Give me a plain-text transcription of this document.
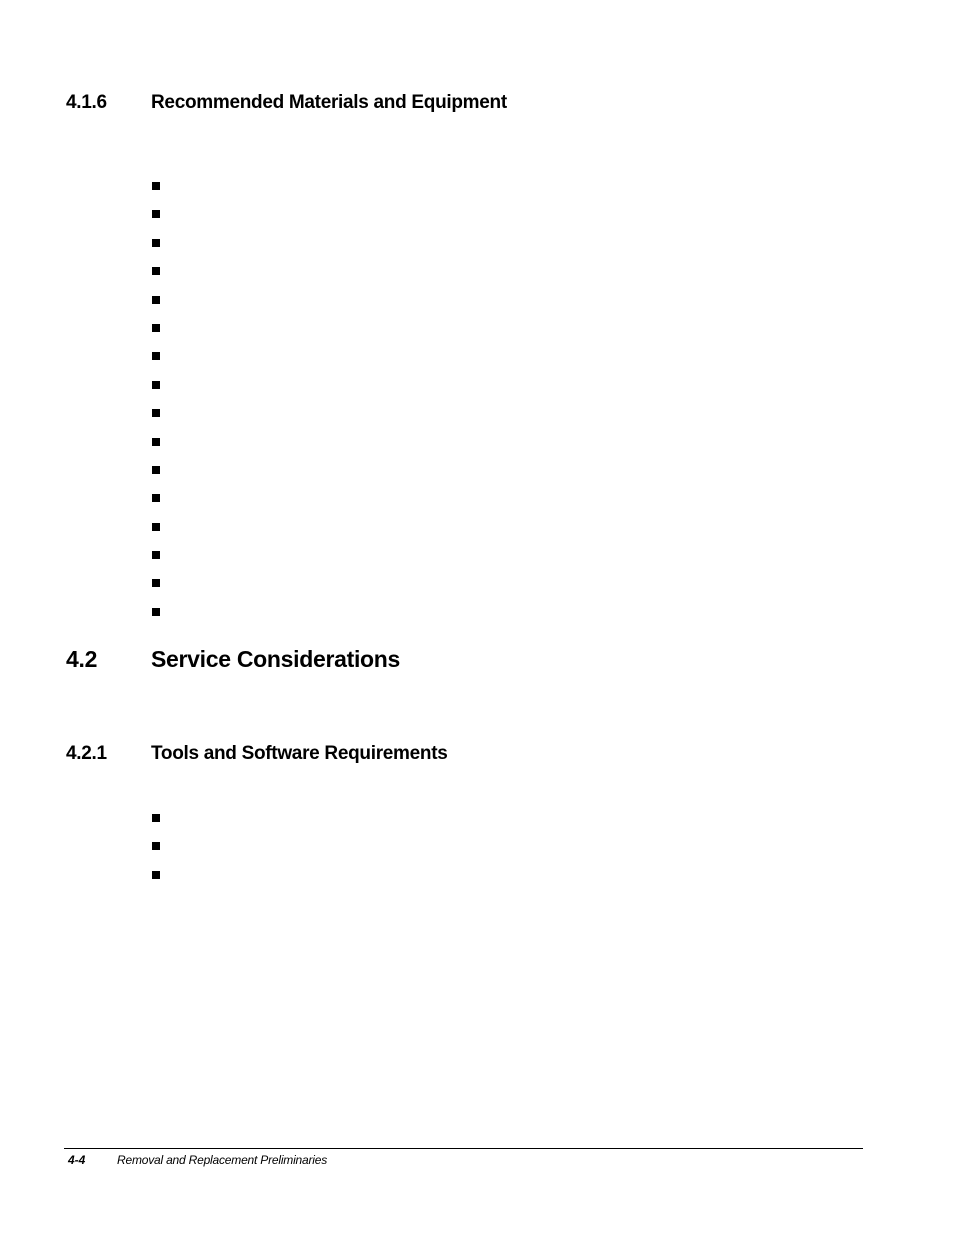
4.1.6 Recommended Materials and Equipment
4.2 Service Considerations
4.2.1 Tools and Software Requirements
4-4	Removal and Replacement Preliminaries
